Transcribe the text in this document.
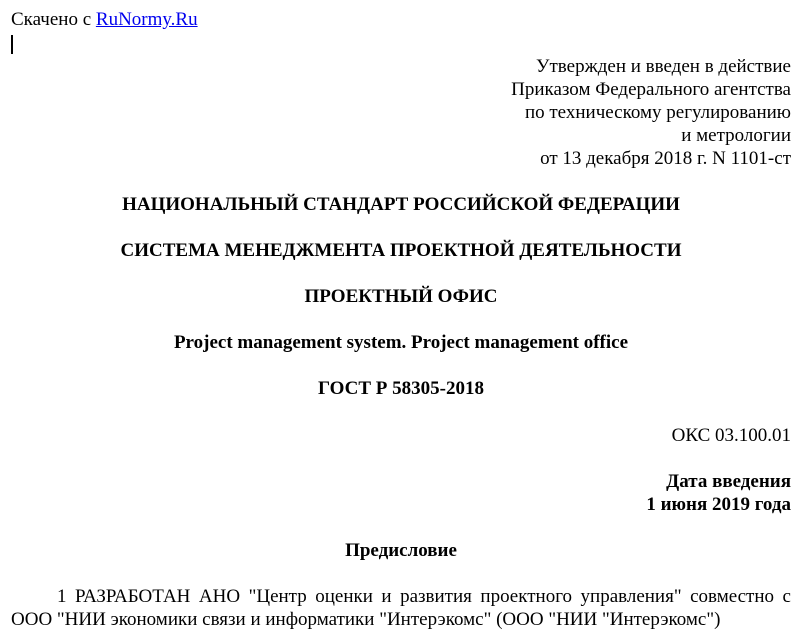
Скачено с RuNormy.Ru
Утвержден и введен в действие
Приказом Федерального агентства
по техническому регулированию
и метрологии
от 13 декабря 2018 г. N 1101-ст
НАЦИОНАЛЬНЫЙ СТАНДАРТ РОССИЙСКОЙ ФЕДЕРАЦИИ
СИСТЕМА МЕНЕДЖМЕНТА ПРОЕКТНОЙ ДЕЯТЕЛЬНОСТИ
ПРОЕКТНЫЙ ОФИС
Project management system. Project management office
ГОСТ Р 58305-2018
ОКС 03.100.01
Дата введения
1 июня 2019 года
Предисловие
1 РАЗРАБОТАН АНО "Центр оценки и развития проектного управления" совместно с ООО "НИИ экономики связи и информатики "Интерэкомс" (ООО "НИИ "Интерэкомс")
